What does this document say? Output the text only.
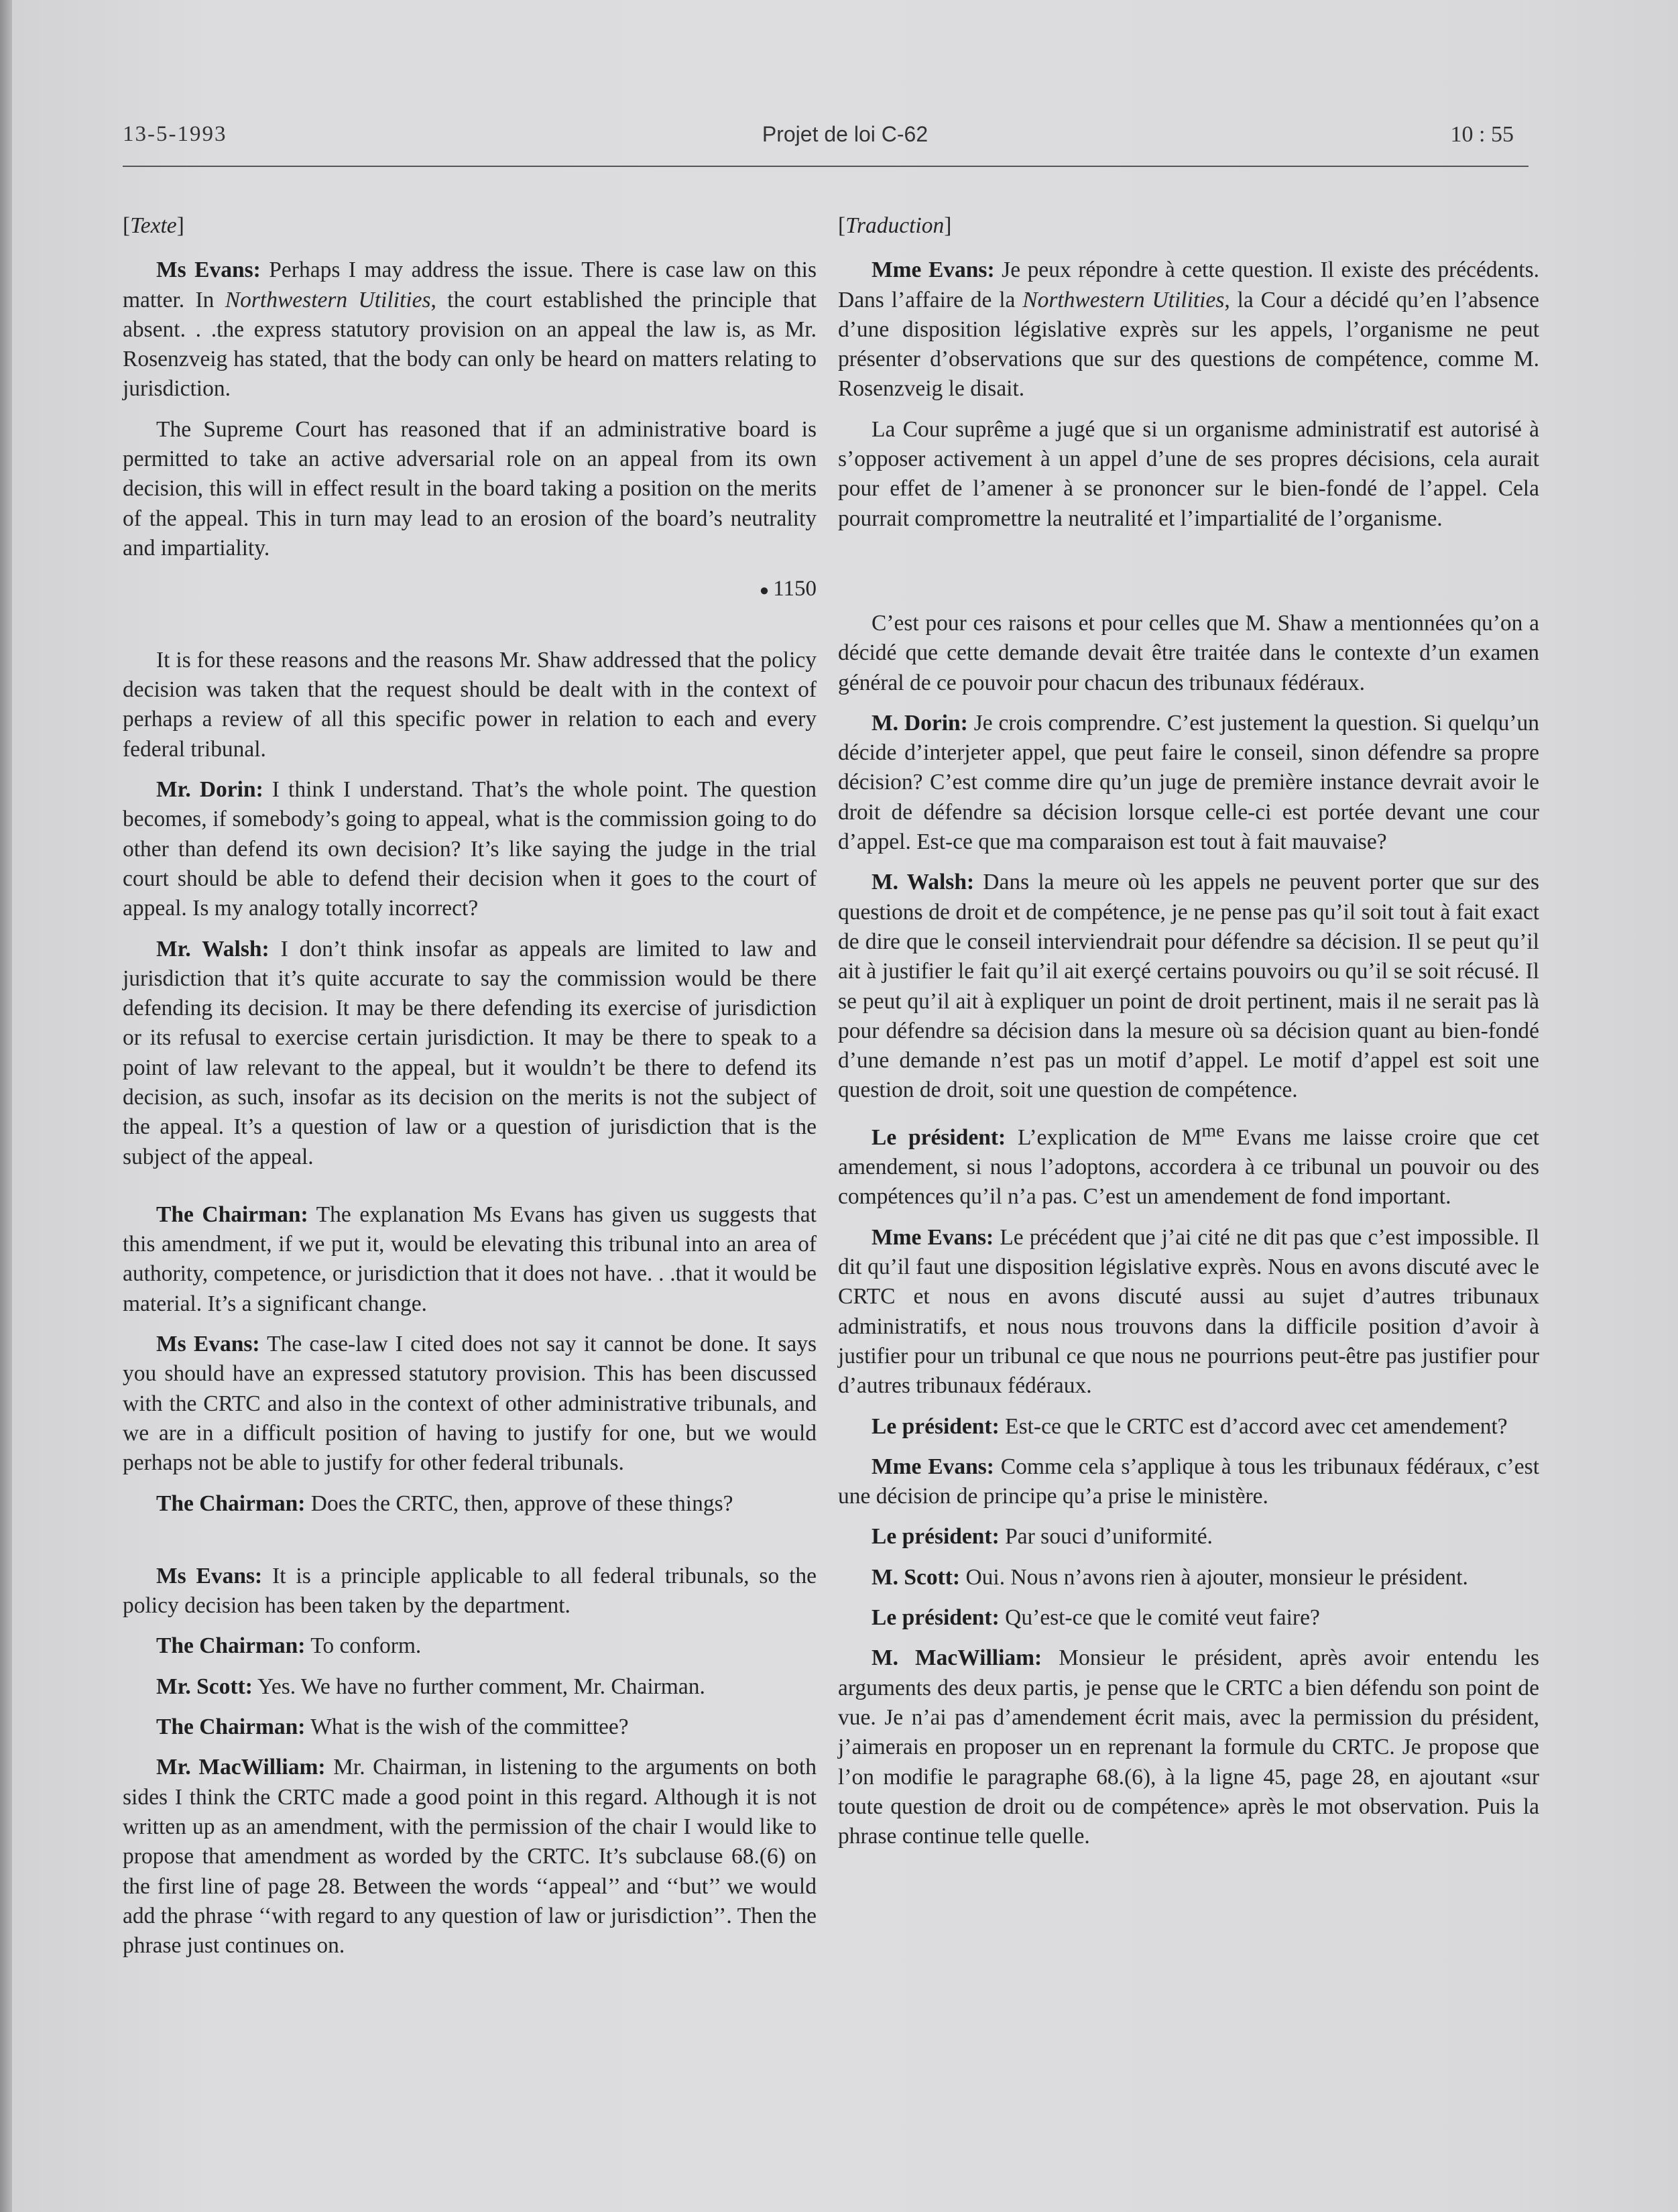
13-5-1993	Projet de loi C-62	10 : 55

[Texte]

Ms Evans: Perhaps I may address the issue. There is case law on this matter. In Northwestern Utilities, the court established the principle that absent. . .the express statutory provision on an appeal the law is, as Mr. Rosenzveig has stated, that the body can only be heard on matters relating to jurisdiction.

The Supreme Court has reasoned that if an administrative board is permitted to take an active adversarial role on an appeal from its own decision, this will in effect result in the board taking a position on the merits of the appeal. This in turn may lead to an erosion of the board’s neutrality and impartiality.

● 1150

It is for these reasons and the reasons Mr. Shaw addressed that the policy decision was taken that the request should be dealt with in the context of perhaps a review of all this specific power in relation to each and every federal tribunal.

Mr. Dorin: I think I understand. That’s the whole point. The question becomes, if somebody’s going to appeal, what is the commission going to do other than defend its own decision? It’s like saying the judge in the trial court should be able to defend their decision when it goes to the court of appeal. Is my analogy totally incorrect?

Mr. Walsh: I don’t think insofar as appeals are limited to law and jurisdiction that it’s quite accurate to say the commission would be there defending its decision. It may be there defending its exercise of jurisdiction or its refusal to exercise certain jurisdiction. It may be there to speak to a point of law relevant to the appeal, but it wouldn’t be there to defend its decision, as such, insofar as its decision on the merits is not the subject of the appeal. It’s a question of law or a question of jurisdiction that is the subject of the appeal.

The Chairman: The explanation Ms Evans has given us suggests that this amendment, if we put it, would be elevating this tribunal into an area of authority, competence, or jurisdiction that it does not have. . .that it would be material. It’s a significant change.

Ms Evans: The case-law I cited does not say it cannot be done. It says you should have an expressed statutory provision. This has been discussed with the CRTC and also in the context of other administrative tribunals, and we are in a difficult position of having to justify for one, but we would perhaps not be able to justify for other federal tribunals.

The Chairman: Does the CRTC, then, approve of these things?

Ms Evans: It is a principle applicable to all federal tribunals, so the policy decision has been taken by the department.

The Chairman: To conform.

Mr. Scott: Yes. We have no further comment, Mr. Chairman.

The Chairman: What is the wish of the committee?

Mr. MacWilliam: Mr. Chairman, in listening to the arguments on both sides I think the CRTC made a good point in this regard. Although it is not written up as an amendment, with the permission of the chair I would like to propose that amendment as worded by the CRTC. It’s subclause 68.(6) on the first line of page 28. Between the words ‘‘appeal’’ and ‘‘but’’ we would add the phrase ‘‘with regard to any question of law or jurisdiction’’. Then the phrase just continues on.

[Traduction]

Mme Evans: Je peux répondre à cette question. Il existe des précédents. Dans l’affaire de la Northwestern Utilities, la Cour a décidé qu’en l’absence d’une disposition législative exprès sur les appels, l’organisme ne peut présenter d’observations que sur des questions de compétence, comme M. Rosenzveig le disait.

La Cour suprême a jugé que si un organisme administratif est autorisé à s’opposer activement à un appel d’une de ses propres décisions, cela aurait pour effet de l’amener à se prononcer sur le bien-fondé de l’appel. Cela pourrait compromettre la neutralité et l’impartialité de l’organisme.

C’est pour ces raisons et pour celles que M. Shaw a mentionnées qu’on a décidé que cette demande devait être traitée dans le contexte d’un examen général de ce pouvoir pour chacun des tribunaux fédéraux.

M. Dorin: Je crois comprendre. C’est justement la question. Si quelqu’un décide d’interjeter appel, que peut faire le conseil, sinon défendre sa propre décision? C’est comme dire qu’un juge de première instance devrait avoir le droit de défendre sa décision lorsque celle-ci est portée devant une cour d’appel. Est-ce que ma comparaison est tout à fait mauvaise?

M. Walsh: Dans la meure où les appels ne peuvent porter que sur des questions de droit et de compétence, je ne pense pas qu’il soit tout à fait exact de dire que le conseil interviendrait pour défendre sa décision. Il se peut qu’il ait à justifier le fait qu’il ait exerçé certains pouvoirs ou qu’il se soit récusé. Il se peut qu’il ait à expliquer un point de droit pertinent, mais il ne serait pas là pour défendre sa décision dans la mesure où sa décision quant au bien-fondé d’une demande n’est pas un motif d’appel. Le motif d’appel est soit une question de droit, soit une question de compétence.

Le président: L’explication de $M^{me}$ Evans me laisse croire que cet amendement, si nous l’adoptons, accordera à ce tribunal un pouvoir ou des compétences qu’il n’a pas. C’est un amendement de fond important.

Mme Evans: Le précédent que j’ai cité ne dit pas que c’est impossible. Il dit qu’il faut une disposition législative exprès. Nous en avons discuté avec le CRTC et nous en avons discuté aussi au sujet d’autres tribunaux administratifs, et nous nous trouvons dans la difficile position d’avoir à justifier pour un tribunal ce que nous ne pourrions peut-être pas justifier pour d’autres tribunaux fédéraux.

Le président: Est-ce que le CRTC est d’accord avec cet amendement?

Mme Evans: Comme cela s’applique à tous les tribunaux fédéraux, c’est une décision de principe qu’a prise le ministère.

Le président: Par souci d’uniformité.

M. Scott: Oui. Nous n’avons rien à ajouter, monsieur le président.

Le président: Qu’est-ce que le comité veut faire?

M. MacWilliam: Monsieur le président, après avoir entendu les arguments des deux partis, je pense que le CRTC a bien défendu son point de vue. Je n’ai pas d’amendement écrit mais, avec la permission du président, j’aimerais en proposer un en reprenant la formule du CRTC. Je propose que l’on modifie le paragraphe 68.(6), à la ligne 45, page 28, en ajoutant «sur toute question de droit ou de compétence» après le mot observation. Puis la phrase continue telle quelle.
